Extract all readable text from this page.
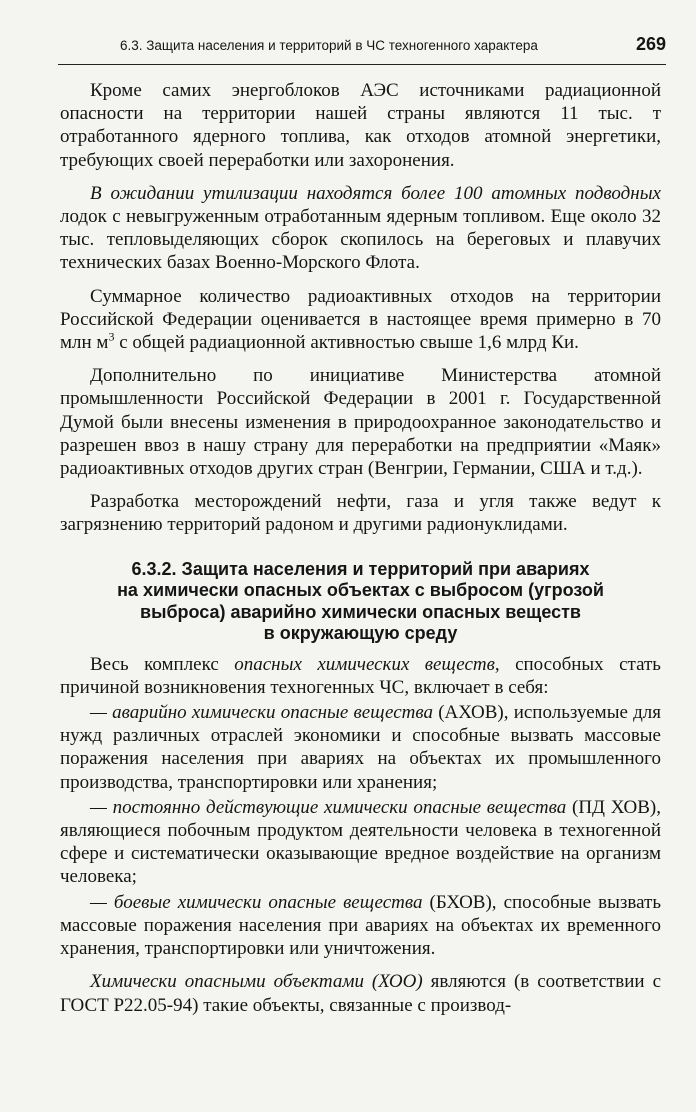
6.3. Защита населения и территорий в ЧС техногенного характера	269

Кроме самих энергоблоков АЭС источниками радиационной опасности на территории нашей страны являются 11 тыс. т отработанного ядерного топлива, как отходов атомной энергетики, требующих своей переработки или захоронения.

В ожидании утилизации находятся более 100 атомных подводных лодок с невыгруженным отработанным ядерным топливом. Еще около 32 тыс. тепловыделяющих сборок скопилось на береговых и плавучих технических базах Военно-Морского Флота.

Суммарное количество радиоактивных отходов на территории Российской Федерации оценивается в настоящее время примерно в 70 млн $м^3$ с общей радиационной активностью свыше 1,6 млрд Ки.

Дополнительно по инициативе Министерства атомной промышленности Российской Федерации в 2001 г. Государственной Думой были внесены изменения в природоохранное законодательство и разрешен ввоз в нашу страну для переработки на предприятии «Маяк» радиоактивных отходов других стран (Венгрии, Германии, США и т.д.).

Разработка месторождений нефти, газа и угля также ведут к загрязнению территорий радоном и другими радионуклидами.

6.3.2. Защита населения и территорий при авариях
на химически опасных объектах с выбросом (угрозой
выброса) аварийно химически опасных веществ
в окружающую среду

Весь комплекс опасных химических веществ, способных стать причиной возникновения техногенных ЧС, включает в себя:

— аварийно химически опасные вещества (АХОВ), используемые для нужд различных отраслей экономики и способные вызвать массовые поражения населения при авариях на объектах их промышленного производства, транспортировки или хранения;

— постоянно действующие химически опасные вещества (ПД ХОВ), являющиеся побочным продуктом деятельности человека в техногенной сфере и систематически оказывающие вредное воздействие на организм человека;

— боевые химически опасные вещества (БХОВ), способные вызвать массовые поражения населения при авариях на объектах их временного хранения, транспортировки или уничтожения.

Химически опасными объектами (ХОО) являются (в соответствии с ГОСТ Р22.05-94) такие объекты, связанные с производ-
